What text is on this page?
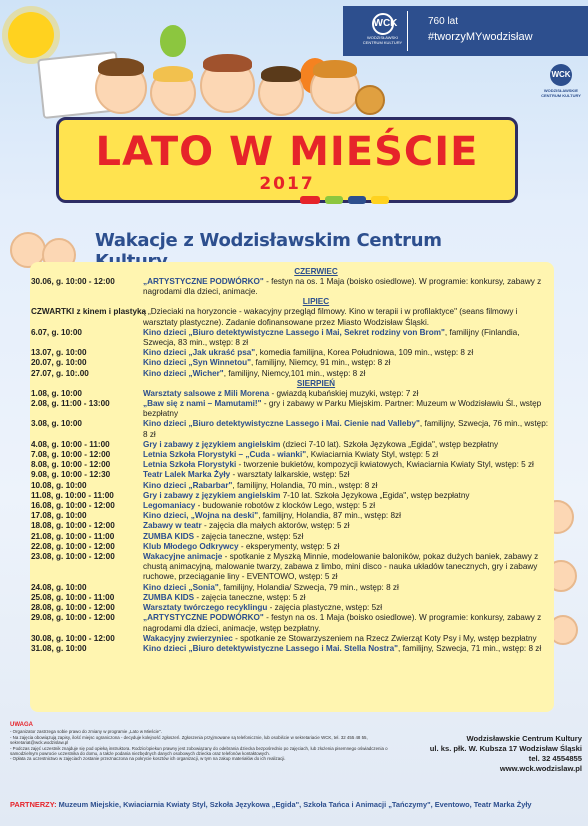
WCK
WODZISŁAWSKI CENTRUM KULTURY
760 lat
#tworzyMYwodzisław
WCK
WODZISŁAWSKIE CENTRUM KULTURY
LATO W MIEŚCIE
2017
Wakacje z Wodzisławskim Centrum
CZERWIEC
30.06, g. 10:00 - 12:00	„ARTYSTYCZNE PODWÓRKO" - festyn na os. 1 Maja (boisko osiedlowe). W programie: konkursy, zabawy z nagrodami dla dzieci, animacje.
LIPIEC
CZWARTKI z kinem i plastyką
- „Dzieciaki na horyzoncie - wakacyjny przegląd filmowy. Kino w terapii i w profilaktyce" (seans filmowy i warsztaty plastyczne). Zadanie dofinansowane przez Miasto Wodzisław Śląski.
6.07, g. 10:00	Kino dzieci „Biuro detektywistyczne Lassego i Mai, Sekret rodziny von Brom", familijny (Finlandia, Szwecja, 83 min., wstęp: 8 zł
13.07, g. 10:00	Kino dzieci „Jak ukraść psa", komedia familijna, Korea Południowa, 109 min., wstęp: 8 zł
20.07, g. 10:00	Kino dzieci „Syn Winnetou", familijny, Niemcy, 91 min., wstęp: 8 zł
27.07, g. 10:.00	Kino dzieci „Wicher", familijny, Niemcy,101 min., wstęp: 8 zł
SIERPIEŃ
1.08, g. 10:00	Warsztaty salsowe z Mili Morena - gwiazdą kubańskiej muzyki, wstęp: 7 zł
2.08, g. 11:00 - 13:00	„Baw się z nami – Mamutami!" - gry i zabawy w Parku Miejskim. Partner: Muzeum w Wodzisławiu Śl., wstęp bezpłatny
3.08, g. 10:00	Kino dzieci „Biuro detektywistyczne Lassego i Mai. Cienie nad Valleby", familijny, Szwecja, 76 min., wstęp: 8 zł
4.08, g. 10:00 - 11:00	Gry i zabawy z językiem angielskim (dzieci 7-10 lat). Szkoła Językowa „Egida", wstęp bezpłatny
7.08, g. 10:00 - 12:00	Letnia Szkoła Florystyki – „Cuda - wianki", Kwiaciarnia Kwiaty Styl, wstęp: 5 zł
8.08, g. 10:00 - 12:00	Letnia Szkoła Florystyki - tworzenie bukietów, kompozycji kwiatowych, Kwiaciarnia Kwiaty Styl, wstęp: 5 zł
9.08, g. 10:00 - 12:30	Teatr Lalek Marka Żyły - warsztaty lalkarskie, wstęp: 5zł
10.08, g. 10:00	Kino dzieci „Rabarbar", familijny, Holandia, 70 min., wstęp: 8 zł
11.08, g. 10:00 - 11:00	Gry i zabawy z językiem angielskim 7-10 lat. Szkoła Językowa „Egida", wstęp bezpłatny
16.08, g. 10:00 - 12:00	Legomaniacy - budowanie robotów z klocków Lego, wstęp: 5 zł
17.08, g. 10:00	Kino dzieci, „Wojna na deski", familijny, Holandia, 87 min., wstęp: 8zł
18.08, g. 10:00 - 12:00	Zabawy w teatr - zajęcia dla małych aktorów, wstęp: 5 zł
21.08, g. 10:00 - 11:00	ZUMBA KIDS - zajęcia taneczne, wstęp: 5zł
22.08, g. 10:00 - 12:00	Klub Młodego Odkrywcy - eksperymenty, wstęp: 5 zł
23.08, g. 10:00 - 12:00	Wakacyjne animacje - spotkanie z Myszką Minnie, modelowanie baloników, pokaz dużych baniek, zabawy z chustą animacyjną, malowanie twarzy, zabawa z limbo, mini disco - nauka układów tanecznych, gry i zabawy ruchowe, przeciąganie liny - EVENTOWO, wstęp: 5 zł
24.08, g. 10:00	Kino dzieci „Sonia", familijny, Holandia/ Szwecja, 79 min., wstęp: 8 zł
25.08, g. 10:00 - 11:00	ZUMBA KIDS - zajęcia taneczne, wstęp: 5 zł
28.08, g. 10:00 - 12:00	Warsztaty twórczego recyklingu - zajęcia plastyczne, wstęp: 5zł
29.08, g. 10:00 - 12:00	„ARTYSTYCZNE PODWÓRKO" - festyn na os. 1 Maja (boisko osiedlowe). W programie: konkursy, zabawy z nagrodami dla dzieci, animacje, wstęp bezpłatny.
30.08, g. 10:00 - 12:00	Wakacyjny zwierzyniec - spotkanie ze Stowarzyszeniem na Rzecz Zwierząt Koty Psy i My, wstęp bezpłatny
31.08, g. 10:00	Kino dzieci „Biuro detektywistyczne Lassego i Mai. Stella Nostra", familijny, Szwecja, 71 min., wstęp: 8 zł
UWAGA
- Organizator zastrzega sobie prawo do zmiany w programie „Lato w Mieście".
- Na zajęcia obowiązują zapisy, ilość miejsc ograniczona - decyduje kolejność zgłoszeń. Zgłoszenia przyjmowane są telefonicznie, lub osobiście w sekretariacie WCK, tel. 32 455 48 55, sekretariat@wck.wodzislaw.pl
- Podczas zajęć uczestnik znajduje się pod opieką instruktora. Rodzic/opiekun prawny jest zobowiązany do odebrania dziecka bezpośrednio po zajęciach, lub złożenia pisemnego oświadczenia o samodzielnym powrocie uczestnika do domu, a także podania niezbędnych danych osobowych dziecka oraz telefonów kontaktowych.
- Opłata za uczestnictwo w zajęciach zostanie przeznaczona na pokrycie kosztów ich organizacji, w tym na zakup materiałów do ich realizacji.
Wodzisławskie Centrum Kultury
ul. ks. płk. W. Kubsza 17 Wodzisław Śląski
tel. 32 4554855
www.wck.wodzislaw.pl
PARTNERZY: Muzeum Miejskie, Kwiaciarnia Kwiaty Styl, Szkoła Językowa „Egida", Szkoła Tańca i Animacji „Tańczymy", Eventowo, Teatr Marka Żyły
